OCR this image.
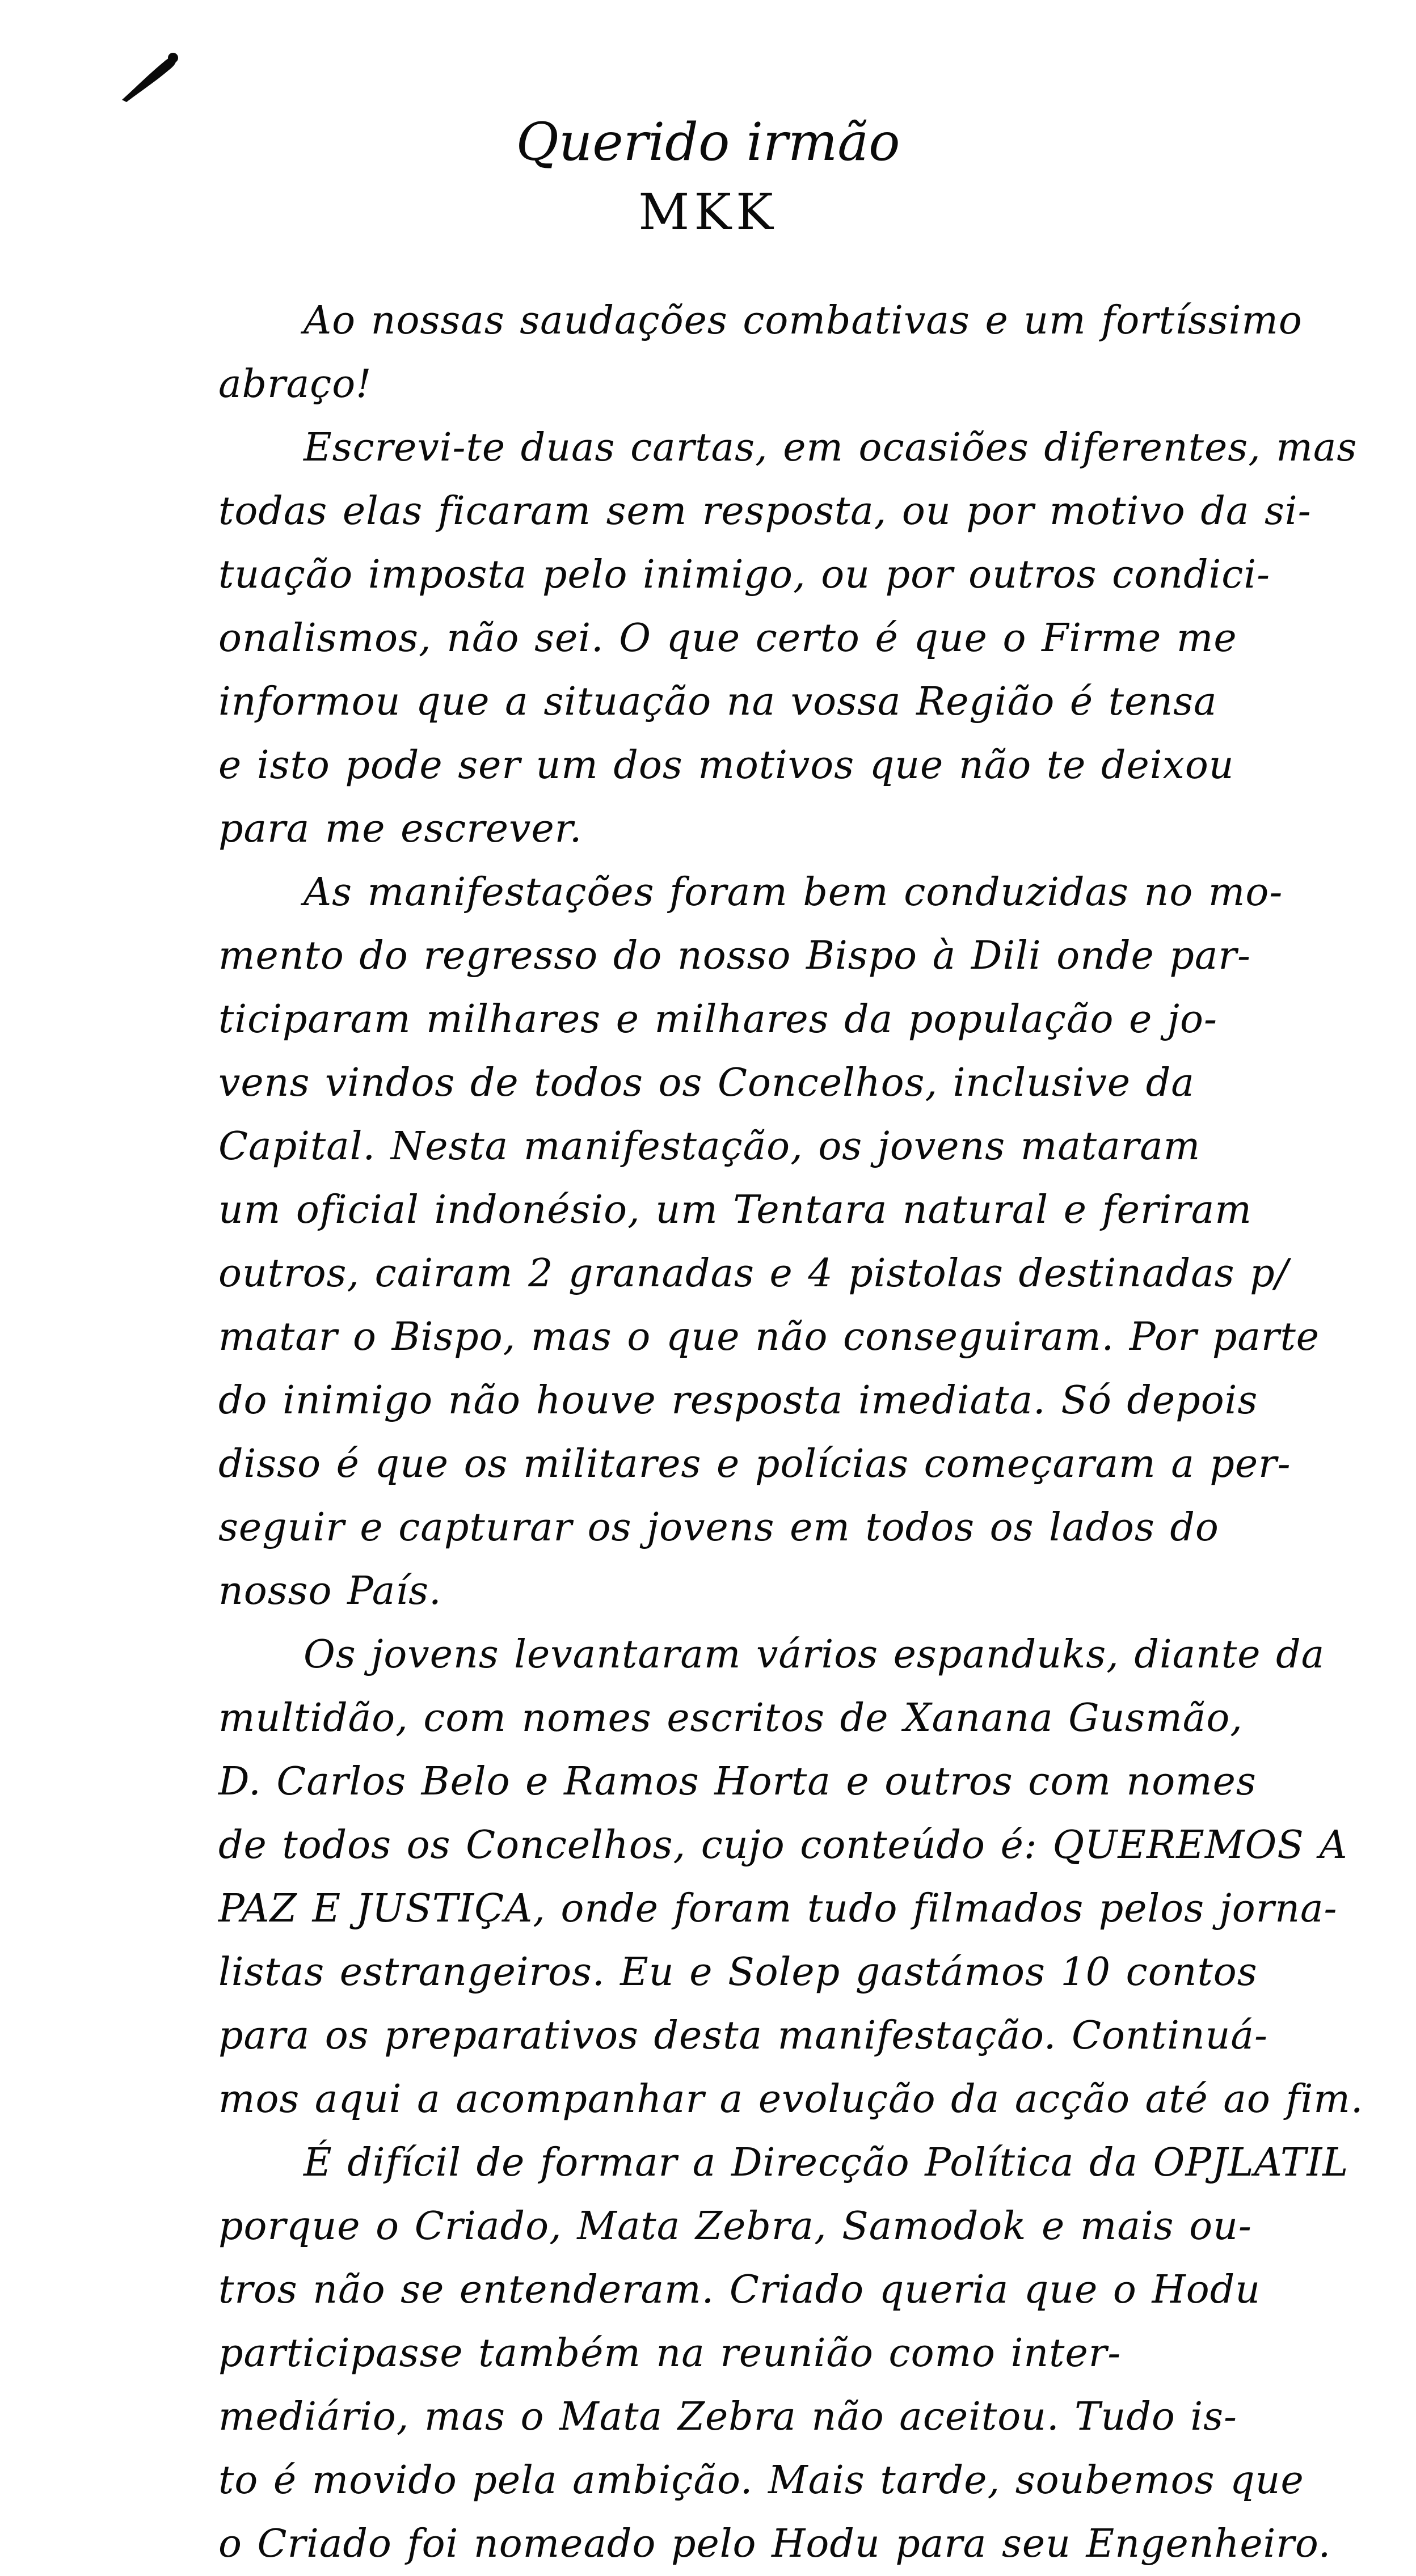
Querido irmão
MKK
Ao nossas saudações combativas e um fortíssimo
abraço!
Escrevi-te duas cartas, em ocasiões diferentes, mas
todas elas ficaram sem resposta, ou por motivo da si-
tuação imposta pelo inimigo, ou por outros condici-
onalismos, não sei. O que certo é que o Firme me
informou que a situação na vossa Região é tensa
e isto pode ser um dos motivos que não te deixou
para me escrever.
As manifestações foram bem conduzidas no mo-
mento do regresso do nosso Bispo à Dili onde par-
ticiparam milhares e milhares da população e jo-
vens vindos de todos os Concelhos, inclusive da
Capital. Nesta manifestação, os jovens mataram
um oficial indonésio, um Tentara natural e feriram
outros, cairam 2 granadas e 4 pistolas destinadas p/
matar o Bispo, mas o que não conseguiram. Por parte
do inimigo não houve resposta imediata. Só depois
disso é que os militares e polícias começaram a per-
seguir e capturar os jovens em todos os lados do
nosso País.
Os jovens levantaram vários espanduks, diante da
multidão, com nomes escritos de Xanana Gusmão,
D. Carlos Belo e Ramos Horta e outros com nomes
de todos os Concelhos, cujo conteúdo é: QUEREMOS A
PAZ E JUSTIÇA, onde foram tudo filmados pelos jorna-
listas estrangeiros. Eu e Solep gastámos 10 contos
para os preparativos desta manifestação. Continuá-
mos aqui a acompanhar a evolução da acção até ao fim.
É difícil de formar a Direcção Política da OPJLATIL
porque o Criado, Mata Zebra, Samodok e mais ou-
tros não se entenderam. Criado queria que o Hodu
participasse também na reunião como inter-
mediário, mas o Mata Zebra não aceitou. Tudo is-
to é movido pela ambição. Mais tarde, soubemos que
o Criado foi nomeado pelo Hodu para seu Engenheiro.
